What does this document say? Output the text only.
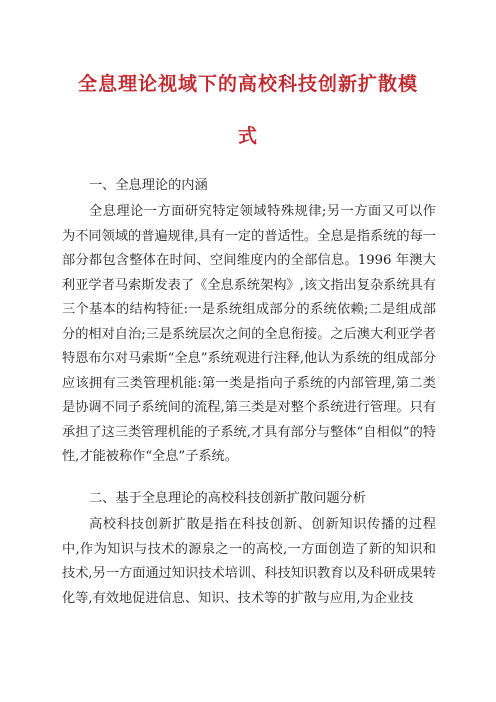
全息理论视域下的高校科技创新扩散模
式

一、全息理论的内涵

全息理论一方面研究特定领域特殊规律;另一方面又可以作为不同领域的普遍规律,具有一定的普适性。全息是指系统的每一部分都包含整体在时间、空间维度内的全部信息。1996 年澳大利亚学者马索斯发表了《全息系统架构》,该文指出复杂系统具有三个基本的结构特征:一是系统组成部分的系统依赖;二是组成部分的相对自治;三是系统层次之间的全息衔接。之后澳大利亚学者特恩布尔对马索斯“全息”系统观进行注释,他认为系统的组成部分应该拥有三类管理机能:第一类是指向子系统的内部管理,第二类是协调不同子系统间的流程,第三类是对整个系统进行管理。只有承担了这三类管理机能的子系统,才具有部分与整体“自相似”的特性,才能被称作“全息”子系统。

二、基于全息理论的高校科技创新扩散问题分析

高校科技创新扩散是指在科技创新、创新知识传播的过程中,作为知识与技术的源泉之一的高校,一方面创造了新的知识和技术,另一方面通过知识技术培训、科技知识教育以及科研成果转化等,有效地促进信息、知识、技术等的扩散与应用,为企业技
